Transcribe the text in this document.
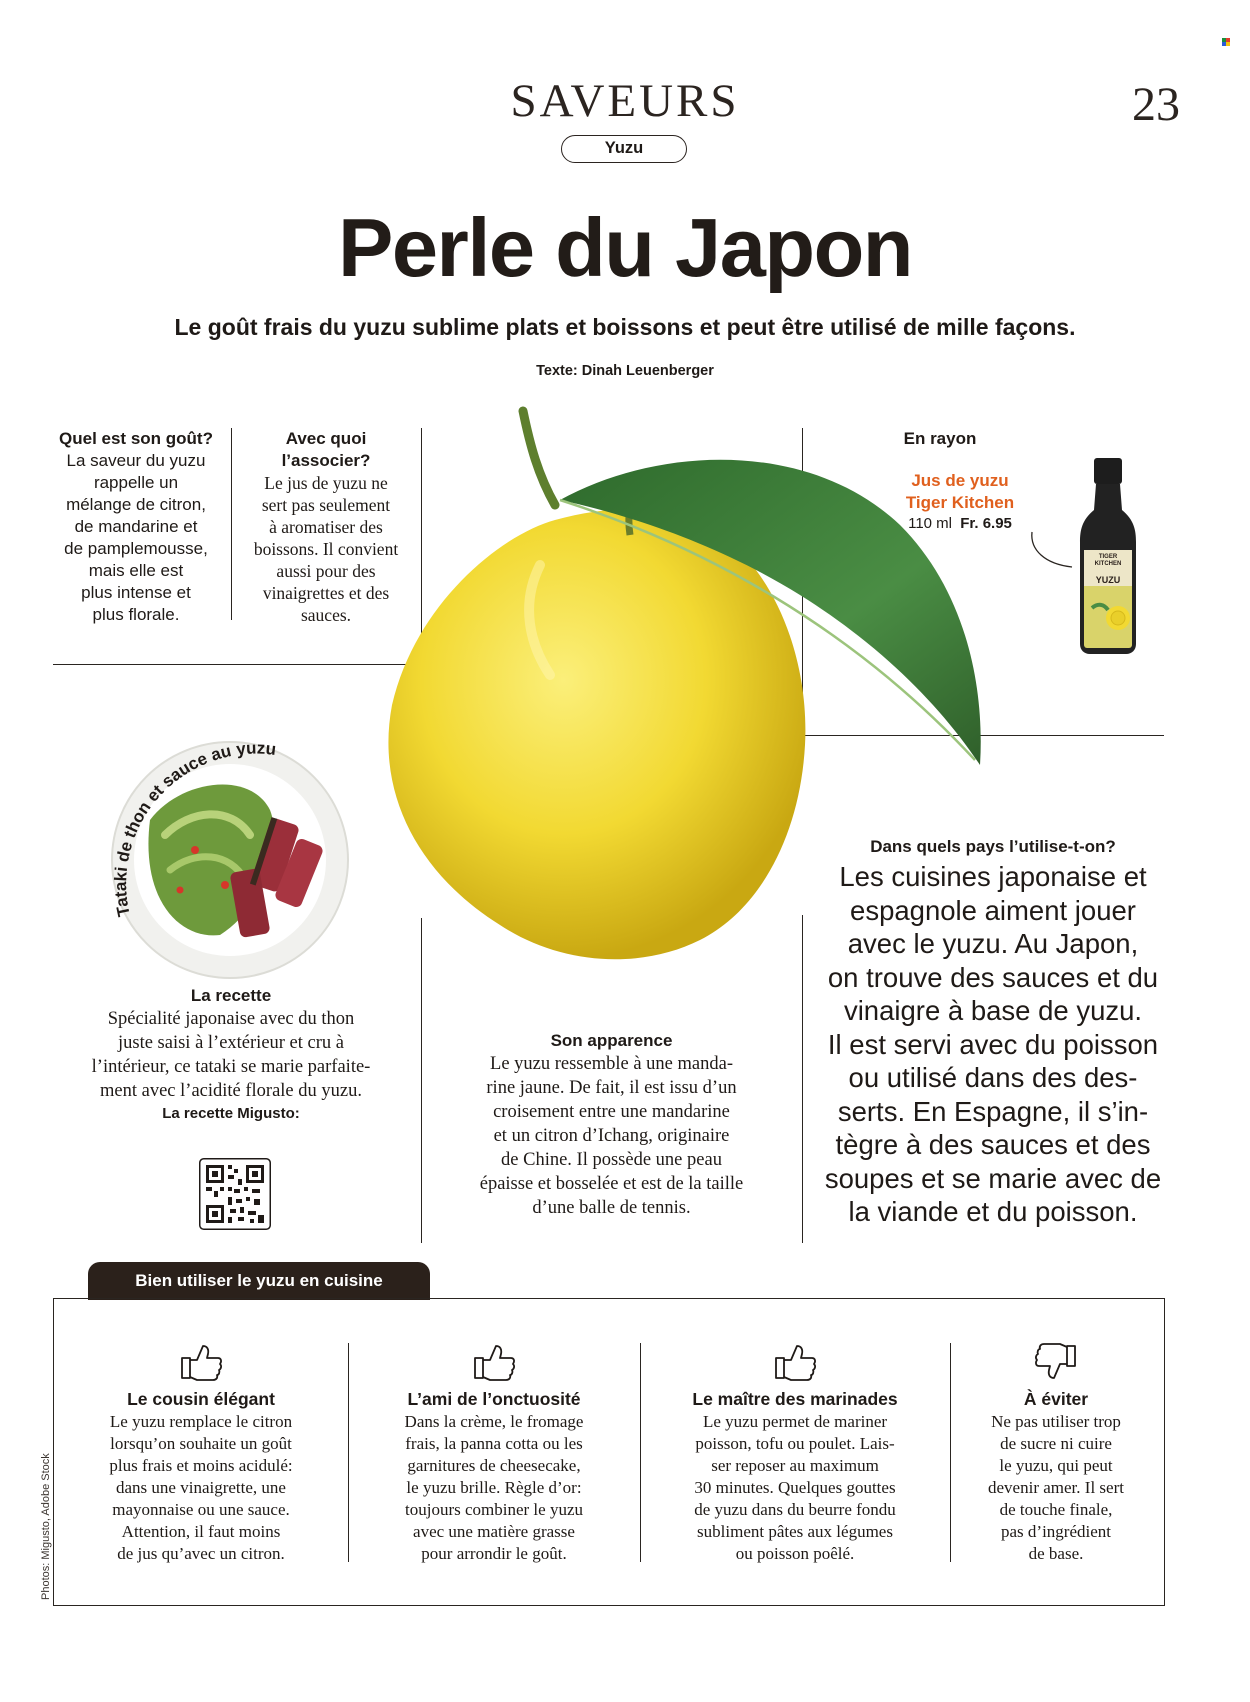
SAVEURS
Yuzu
23
Perle du Japon
Le goût frais du yuzu sublime plats et boissons et peut être utilisé de mille façons.
Texte: Dinah Leuenberger
Quel est son goût?
La saveur du yuzu
rappelle un
mélange de citron,
de mandarine et
de pamplemousse,
mais elle est
plus intense et
plus florale.
Avec quoi
l’associer?
Le jus de yuzu ne
sert pas seulement
à aromatiser des
boissons. Il convient
aussi pour des
vinaigrettes et des
sauces.
En rayon
Jus de yuzu
Tiger Kitchen
110 ml Fr. 6.95
TIGER
KITCHEN
YUZU
Tataki de thon et sauce au yuzu
La recette
Spécialité japonaise avec du thon
juste saisi à l’extérieur et cru à
l’intérieur, ce tataki se marie parfaite-
ment avec l’acidité florale du yuzu.
La recette Migusto:
Son apparence
Le yuzu ressemble à une manda-
rine jaune. De fait, il est issu d’un
croisement entre une mandarine
et un citron d’Ichang, originaire
de Chine. Il possède une peau
épaisse et bosselée et est de la taille
d’une balle de tennis.
Dans quels pays l’utilise-t-on?
Les cuisines japonaise et
espagnole aiment jouer
avec le yuzu. Au Japon,
on trouve des sauces et du
vinaigre à base de yuzu.
Il est servi avec du poisson
ou utilisé dans des des-
serts. En Espagne, il s’in-
tègre à des sauces et des
soupes et se marie avec de
la viande et du poisson.
Bien utiliser le yuzu en cuisine
Le cousin élégant
Le yuzu remplace le citron
lorsqu’on souhaite un goût
plus frais et moins acidulé:
dans une vinaigrette, une
mayonnaise ou une sauce.
Attention, il faut moins
de jus qu’avec un citron.
L’ami de l’onctuosité
Dans la crème, le fromage
frais, la panna cotta ou les
garnitures de cheesecake,
le yuzu brille. Règle d’or:
toujours combiner le yuzu
avec une matière grasse
pour arrondir le goût.
Le maître des marinades
Le yuzu permet de mariner
poisson, tofu ou poulet. Lais-
ser reposer au maximum
30 minutes. Quelques gouttes
de yuzu dans du beurre fondu
subliment pâtes aux légumes
ou poisson poêlé.
À éviter
Ne pas utiliser trop
de sucre ni cuire
le yuzu, qui peut
devenir amer. Il sert
de touche finale,
pas d’ingrédient
de base.
Photos: Migusto, Adobe Stock
